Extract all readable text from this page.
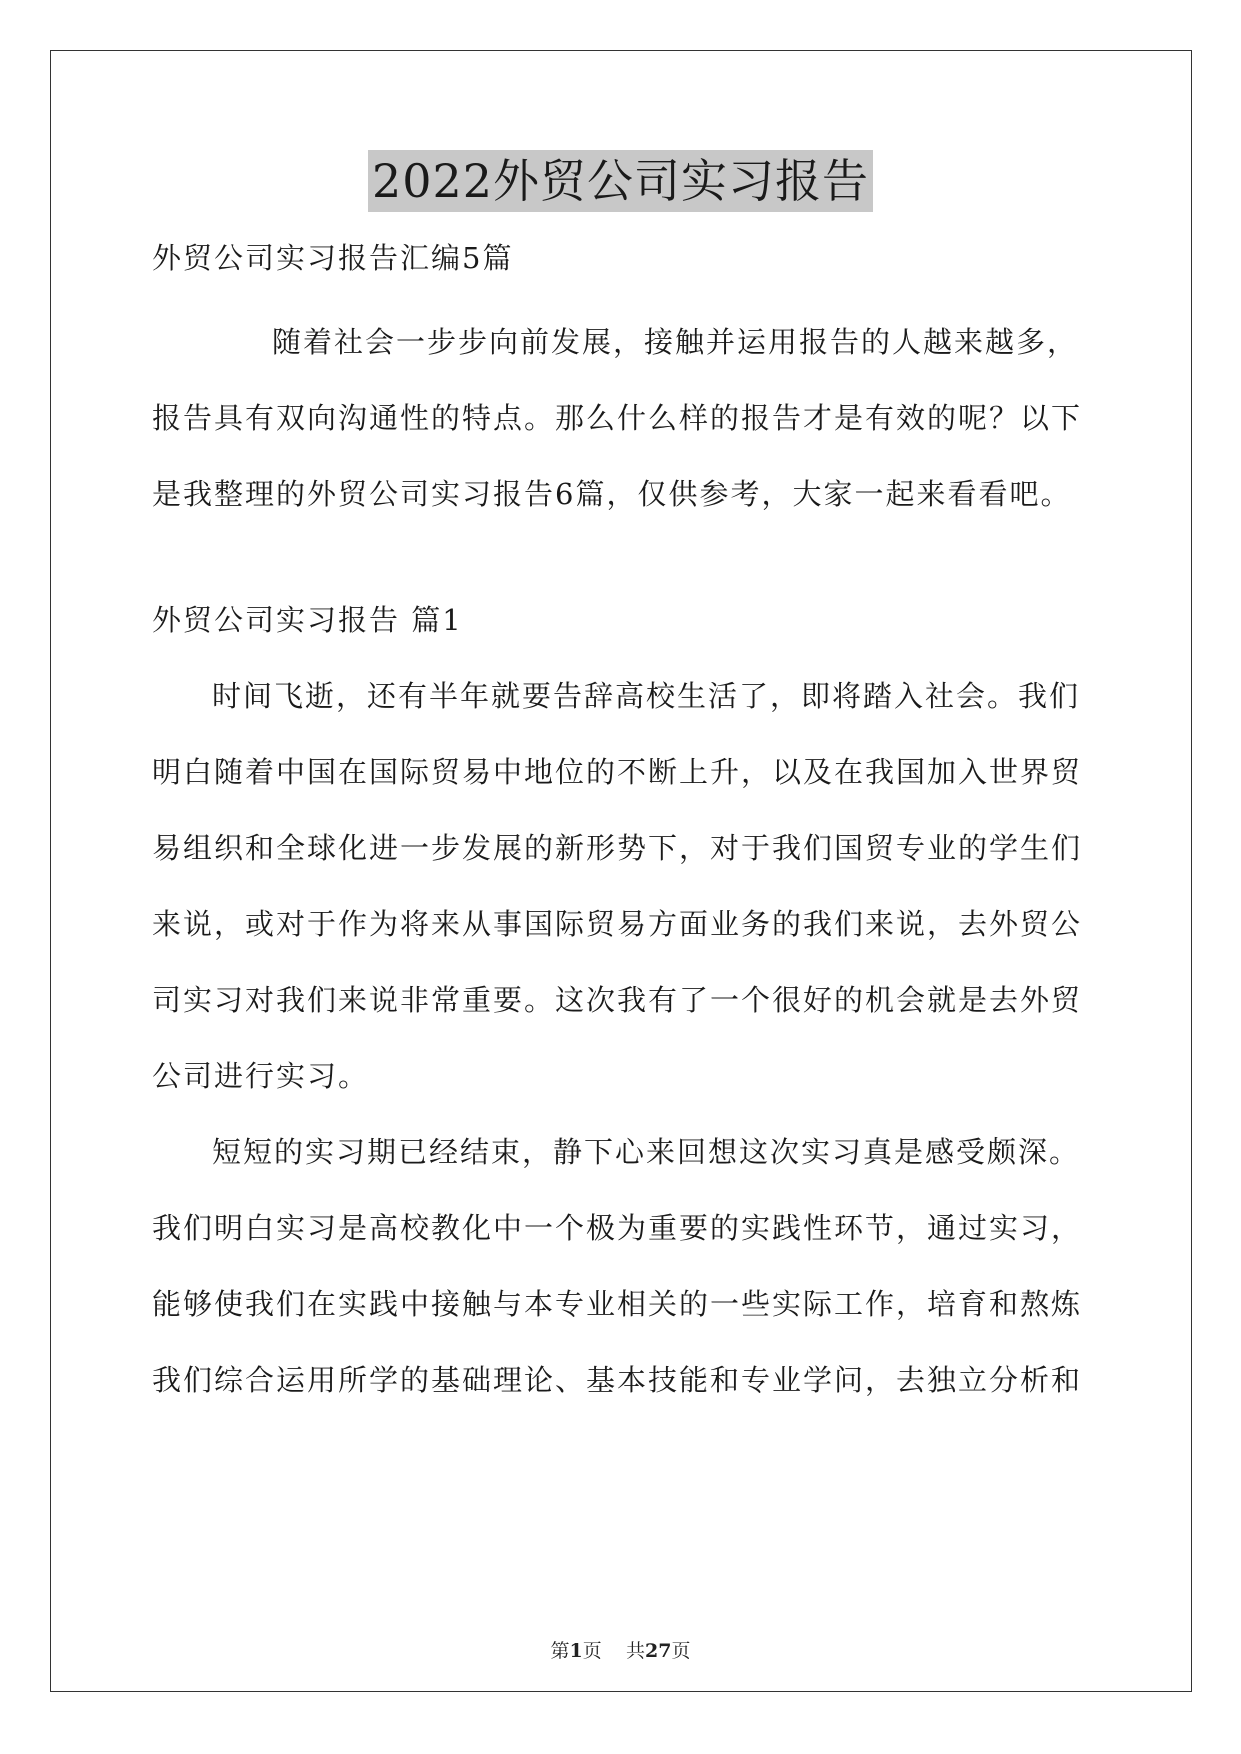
2022外贸公司实习报告
外贸公司实习报告汇编5篇
随着社会一步步向前发展，接触并运用报告的人越来越多，
报告具有双向沟通性的特点。那么什么样的报告才是有效的呢？以下
是我整理的外贸公司实习报告6篇，仅供参考，大家一起来看看吧。
外贸公司实习报告 篇1
时间飞逝，还有半年就要告辞高校生活了，即将踏入社会。我们
明白随着中国在国际贸易中地位的不断上升，以及在我国加入世界贸
易组织和全球化进一步发展的新形势下，对于我们国贸专业的学生们
来说，或对于作为将来从事国际贸易方面业务的我们来说，去外贸公
司实习对我们来说非常重要。这次我有了一个很好的机会就是去外贸
公司进行实习。
短短的实习期已经结束，静下心来回想这次实习真是感受颇深。
我们明白实习是高校教化中一个极为重要的实践性环节，通过实习，
能够使我们在实践中接触与本专业相关的一些实际工作，培育和熬炼
我们综合运用所学的基础理论、基本技能和专业学问，去独立分析和
第1页 共27页
